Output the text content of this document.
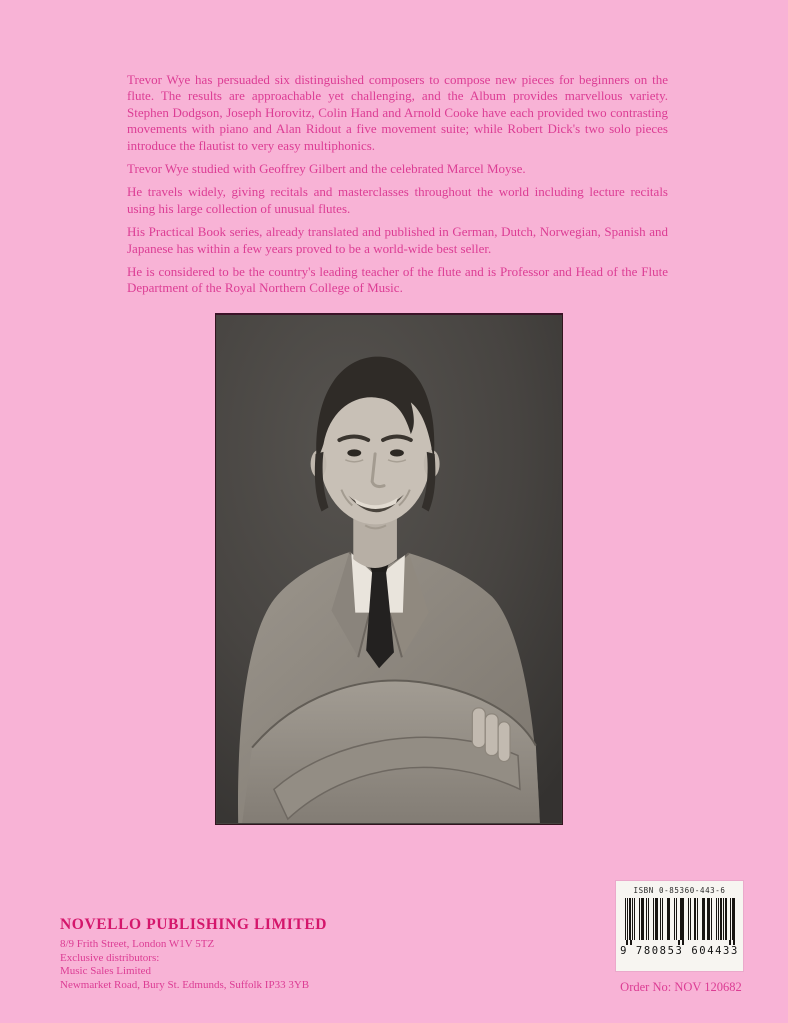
Trevor Wye has persuaded six distinguished composers to compose new pieces for beginners on the flute. The results are approachable yet challenging, and the Album provides marvellous variety. Stephen Dodgson, Joseph Horovitz, Colin Hand and Arnold Cooke have each provided two contrasting movements with piano and Alan Ridout a five movement suite; while Robert Dick's two solo pieces introduce the flautist to very easy multiphonics.

Trevor Wye studied with Geoffrey Gilbert and the celebrated Marcel Moyse.

He travels widely, giving recitals and masterclasses throughout the world including lecture recitals using his large collection of unusual flutes.

His Practical Book series, already translated and published in German, Dutch, Norwegian, Spanish and Japanese has within a few years proved to be a world-wide best seller.

He is considered to be the country's leading teacher of the flute and is Professor and Head of the Flute Department of the Royal Northern College of Music.

NOVELLO PUBLISHING LIMITED
8/9 Frith Street, London W1V 5TZ
Exclusive distributors:
Music Sales Limited
Newmarket Road, Bury St. Edmunds, Suffolk IP33 3YB
ISBN 0-85360-443-6
9 780853 604433
Order No: NOV 120682
